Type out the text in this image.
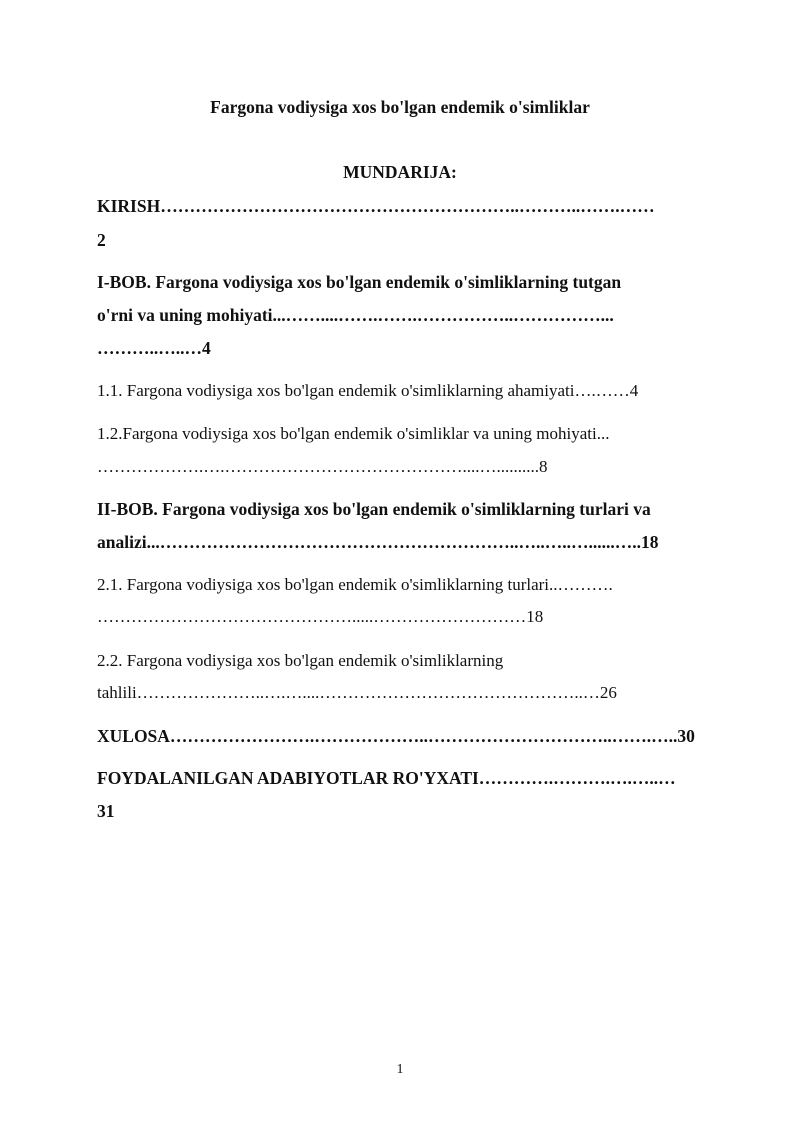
Fargona vodiysiga xos bo'lgan endemik o'simliklar
MUNDARIJA:
KIRISH……………………………………………………..………..…….……
2
I-BOB. Fargona vodiysiga xos bo'lgan endemik o'simliklarning tutgan
o'rni va uning mohiyati...……....…….…….……………..……………...
………..…..…4
1.1. Fargona vodiysiga xos bo'lgan endemik o'simliklarning ahamiyati….……4
1.2.Fargona vodiysiga xos bo'lgan endemik o'simliklar va uning mohiyati...
……………….….……………………………………....…..........8
II-BOB. Fargona vodiysiga xos bo'lgan endemik o'simliklarning turlari va
analizi...……………………………………………………..…..…..…......…..18
2.1. Fargona vodiysiga xos bo'lgan endemik o'simliklarning turlari..……….
……………………………………….....………………………18
2.2. Fargona vodiysiga xos bo'lgan endemik o'simliklarning
tahlili…………………..….…....………………………………………..…26
XULOSA…………………….………………..…………………………..…….…..30
FOYDALANILGAN ADABIYOTLAR RO'YXATI………….……….….…..…
31
1
